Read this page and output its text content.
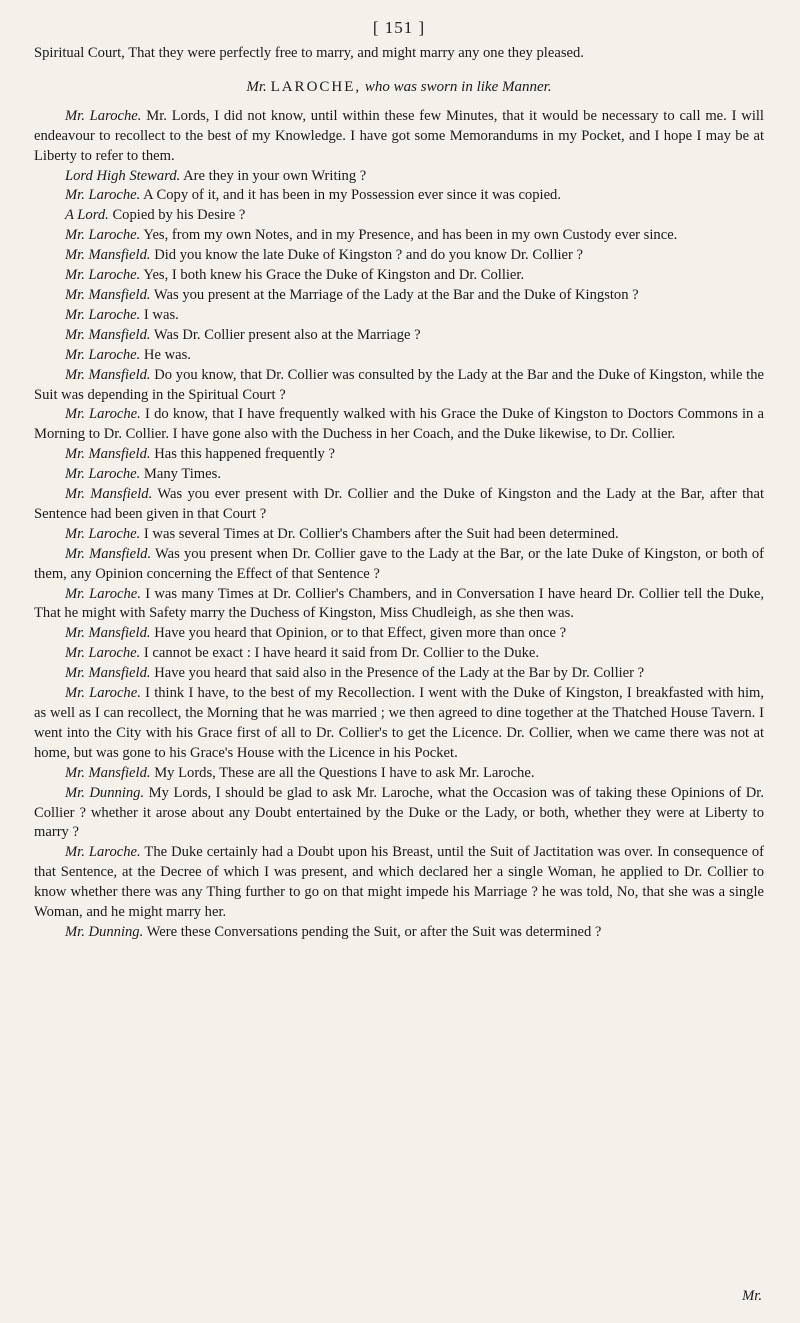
[ 151 ]

Spiritual Court, That they were perfectly free to marry, and might marry any one they pleased.

Mr. LAROCHE, who was sworn in like Manner.

Mr. Laroche. Mr. Lords, I did not know, until within these few Minutes, that it would be necessary to call me. I will endeavour to recollect to the best of my Knowledge. I have got some Memorandums in my Pocket, and I hope I may be at Liberty to refer to them.

Lord High Steward. Are they in your own Writing ?

Mr. Laroche. A Copy of it, and it has been in my Possession ever since it was copied.

A Lord. Copied by his Desire ?

Mr. Laroche. Yes, from my own Notes, and in my Presence, and has been in my own Custody ever since.

Mr. Mansfield. Did you know the late Duke of Kingston ? and do you know Dr. Collier ?

Mr. Laroche. Yes, I both knew his Grace the Duke of Kingston and Dr. Collier.

Mr. Mansfield. Was you present at the Marriage of the Lady at the Bar and the Duke of Kingston ?

Mr. Laroche. I was.

Mr. Mansfield. Was Dr. Collier present also at the Marriage ?

Mr. Laroche. He was.

Mr. Mansfield. Do you know, that Dr. Collier was consulted by the Lady at the Bar and the Duke of Kingston, while the Suit was depending in the Spiritual Court ?

Mr. Laroche. I do know, that I have frequently walked with his Grace the Duke of Kingston to Doctors Commons in a Morning to Dr. Collier. I have gone also with the Duchess in her Coach, and the Duke likewise, to Dr. Collier.

Mr. Mansfield. Has this happened frequently ?

Mr. Laroche. Many Times.

Mr. Mansfield. Was you ever present with Dr. Collier and the Duke of Kingston and the Lady at the Bar, after that Sentence had been given in that Court ?

Mr. Laroche. I was several Times at Dr. Collier's Chambers after the Suit had been determined.

Mr. Mansfield. Was you present when Dr. Collier gave to the Lady at the Bar, or the late Duke of Kingston, or both of them, any Opinion concerning the Effect of that Sentence ?

Mr. Laroche. I was many Times at Dr. Collier's Chambers, and in Conversation I have heard Dr. Collier tell the Duke, That he might with Safety marry the Duchess of Kingston, Miss Chudleigh, as she then was.

Mr. Mansfield. Have you heard that Opinion, or to that Effect, given more than once ?

Mr. Laroche. I cannot be exact : I have heard it said from Dr. Collier to the Duke.

Mr. Mansfield. Have you heard that said also in the Presence of the Lady at the Bar by Dr. Collier ?

Mr. Laroche. I think I have, to the best of my Recollection. I went with the Duke of Kingston, I breakfasted with him, as well as I can recollect, the Morning that he was married ; we then agreed to dine together at the Thatched House Tavern. I went into the City with his Grace first of all to Dr. Collier's to get the Licence. Dr. Collier, when we came there was not at home, but was gone to his Grace's House with the Licence in his Pocket.

Mr. Mansfield. My Lords, These are all the Questions I have to ask Mr. Laroche.

Mr. Dunning. My Lords, I should be glad to ask Mr. Laroche, what the Occasion was of taking these Opinions of Dr. Collier ? whether it arose about any Doubt entertained by the Duke or the Lady, or both, whether they were at Liberty to marry ?

Mr. Laroche. The Duke certainly had a Doubt upon his Breast, until the Suit of Jactitation was over. In consequence of that Sentence, at the Decree of which I was present, and which declared her a single Woman, he applied to Dr. Collier to know whether there was any Thing further to go on that might impede his Marriage ? he was told, No, that she was a single Woman, and he might marry her.

Mr. Dunning. Were these Conversations pending the Suit, or after the Suit was determined ?

Mr.
